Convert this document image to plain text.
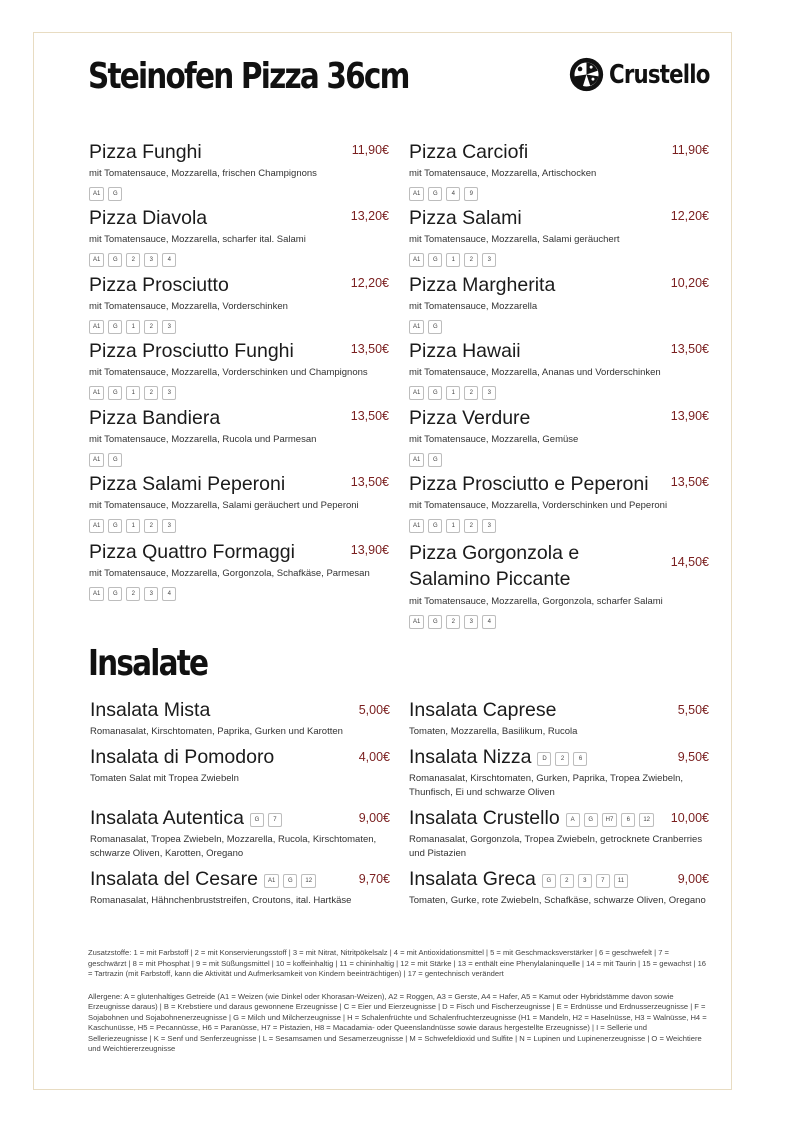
Steinofen Pizza 36cm	Crustello
Pizza Funghi	11,90€
mit Tomatensauce, Mozzarella, frischen Champignons
A1	G
Pizza Carciofi	11,90€
mit Tomatensauce, Mozzarella, Artischocken
A1	G	4	9
Pizza Diavola	13,20€
mit Tomatensauce, Mozzarella, scharfer ital. Salami
A1	G	2	3	4
Pizza Salami	12,20€
mit Tomatensauce, Mozzarella, Salami geräuchert
A1	G	1	2	3
Pizza Prosciutto	12,20€
mit Tomatensauce, Mozzarella, Vorderschinken
A1	G	1	2	3
Pizza Margherita	10,20€
mit Tomatensauce, Mozzarella
A1	G
Pizza Prosciutto Funghi	13,50€
mit Tomatensauce, Mozzarella, Vorderschinken und Champignons
A1	G	1	2	3
Pizza Hawaii	13,50€
mit Tomatensauce, Mozzarella, Ananas und Vorderschinken
A1	G	1	2	3
Pizza Bandiera	13,50€
mit Tomatensauce, Mozzarella, Rucola und Parmesan
A1	G
Pizza Verdure	13,90€
mit Tomatensauce, Mozzarella, Gemüse
A1	G
Pizza Salami Peperoni	13,50€
mit Tomatensauce, Mozzarella, Salami geräuchert und Peperoni
A1	G	1	2	3
Pizza Prosciutto e Peperoni	13,50€
mit Tomatensauce, Mozzarella, Vorderschinken und Peperoni
A1	G	1	2	3
Pizza Quattro Formaggi	13,90€
mit Tomatensauce, Mozzarella, Gorgonzola, Schafkäse, Parmesan
A1	G	2	3	4
Pizza Gorgonzola e Salamino Piccante
14,50€
mit Tomatensauce, Mozzarella, Gorgonzola, scharfer Salami
A1	G	2	3	4
Insalate
Insalata Mista	5,00€
Romanasalat, Kirschtomaten, Paprika, Gurken und Karotten
Insalata Caprese	5,50€
Tomaten, Mozzarella, Basilikum, Rucola
Insalata di Pomodoro	4,00€
Tomaten Salat mit Tropea Zwiebeln
Insalata Nizza	D	2	6	9,50€
Romanasalat, Kirschtomaten, Gurken, Paprika, Tropea Zwiebeln, Thunfisch, Ei und schwarze Oliven
Insalata Autentica	G	7	9,00€
Romanasalat, Tropea Zwiebeln, Mozzarella, Rucola, Kirschtomaten, schwarze Oliven, Karotten, Oregano
Insalata Crustello	A	G	H7	6	12	10,00€
Romanasalat, Gorgonzola, Tropea Zwiebeln, getrocknete Cranberries und Pistazien
Insalata del Cesare	A1	G	12	9,70€
Romanasalat, Hähnchenbruststreifen, Croutons, ital. Hartkäse
Insalata Greca	G	2	3	7	11	9,00€
Tomaten, Gurke, rote Zwiebeln, Schafkäse, schwarze Oliven, Oregano

Zusatzstoffe: 1 = mit Farbstoff | 2 = mit Konservierungsstoff | 3 = mit Nitrat, Nitritpökelsalz | 4 = mit Antioxidationsmittel | 5 = mit Geschmacksverstärker | 6 = geschwefelt | 7 = geschwärzt | 8 = mit Phosphat | 9 = mit Süßungsmittel | 10 = koffeinhaltig | 11 = chininhaltig | 12 = mit Stärke | 13 = enthält eine Phenylalaninquelle | 14 = mit Taurin | 15 = gewachst | 16 = Tartrazin (mit Farbstoff, kann die Aktivität und Aufmerksamkeit von Kindern beeinträchtigen) | 17 = gentechnisch verändert

Allergene: A = glutenhaltiges Getreide (A1 = Weizen (wie Dinkel oder Khorasan-Weizen), A2 = Roggen, A3 = Gerste, A4 = Hafer, A5 = Kamut oder Hybridstämme davon sowie Erzeugnisse daraus) | B = Krebstiere und daraus gewonnene Erzeugnisse | C = Eier und Eierzeugnisse | D = Fisch und Fischerzeugnisse | E = Erdnüsse und Erdnusserzeugnisse | F = Sojabohnen und Sojabohnenerzeugnisse | G = Milch und Milcherzeugnisse | H = Schalenfrüchte und Schalenfruchterzeugnisse (H1 = Mandeln, H2 = Haselnüsse, H3 = Walnüsse, H4 = Kaschunüsse, H5 = Pecannüsse, H6 = Paranüsse, H7 = Pistazien, H8 = Macadamia- oder Queenslandnüsse sowie daraus hergestellte Erzeugnisse) | I = Sellerie und Selleriezeugnisse | K = Senf und Senferzeugnisse | L = Sesamsamen und Sesamerzeugnisse | M = Schwefeldioxid und Sulfite | N = Lupinen und Lupinenerzeugnisse | O = Weichtiere und Weichtiererzeugnisse
